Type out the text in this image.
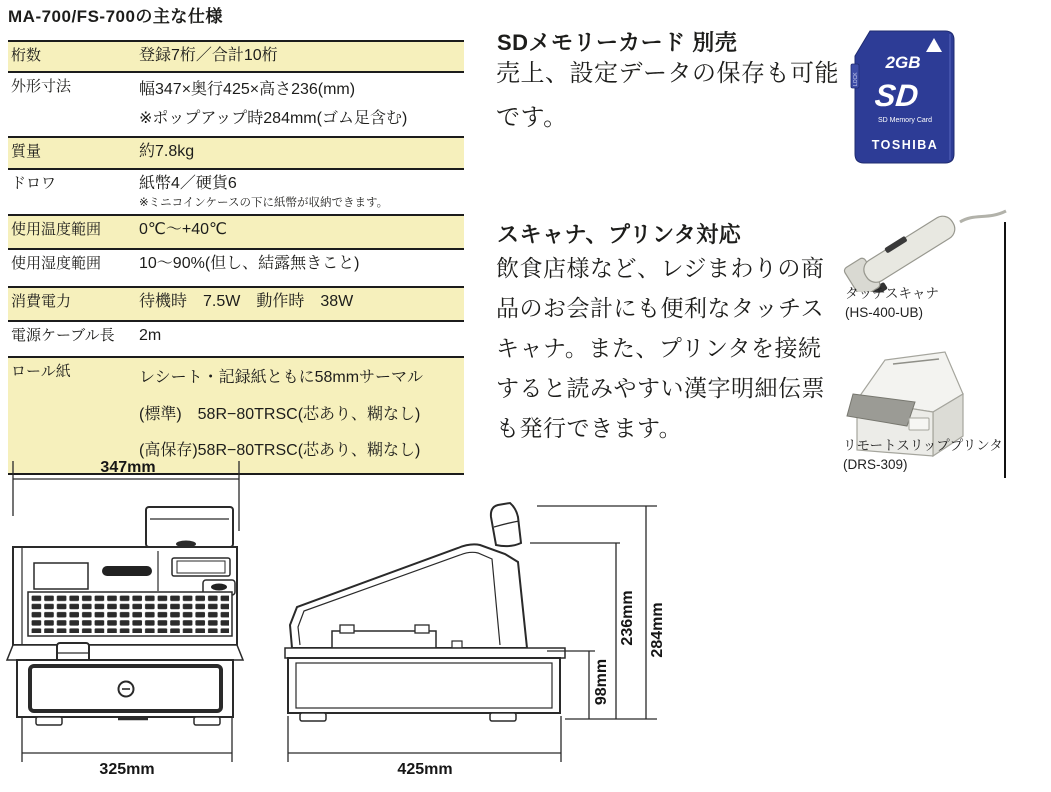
MA-700/FS-700の主な仕様
桁数	登録7桁／合計10桁
外形寸法	幅347×奥行425×高さ236(mm)
※ポップアップ時284mm(ゴム足含む)
質量	約7.8kg
ドロワ	紙幣4／硬貨6
※ミニコインケースの下に紙幣が収納できます。
使用温度範囲	0℃〜+40℃
使用湿度範囲	10〜90%(但し、結露無きこと)
消費電力	待機時　7.5W　動作時　38W
電源ケーブル長	2m
ロール紙	レシート・記録紙ともに58mmサーマル
(標準)　58R−80TRSC(芯あり、糊なし)
(高保存)58R−80TRSC(芯あり、糊なし)
SDメモリーカード 別売
売上、設定データの保存も可能です。
LOCK
2GB
SD
SD Memory Card
TOSHIBA
スキャナ、プリンタ対応
飲食店様など、レジまわりの商品のお会計にも便利なタッチスキャナ。また、プリンタを接続すると読みやすい漢字明細伝票も発行できます。
タッチスキャナ
(HS-400-UB)
リモートスリッププリンタ
(DRS-309)
347mm
325mm
98mm
236mm 284mm
425mm
